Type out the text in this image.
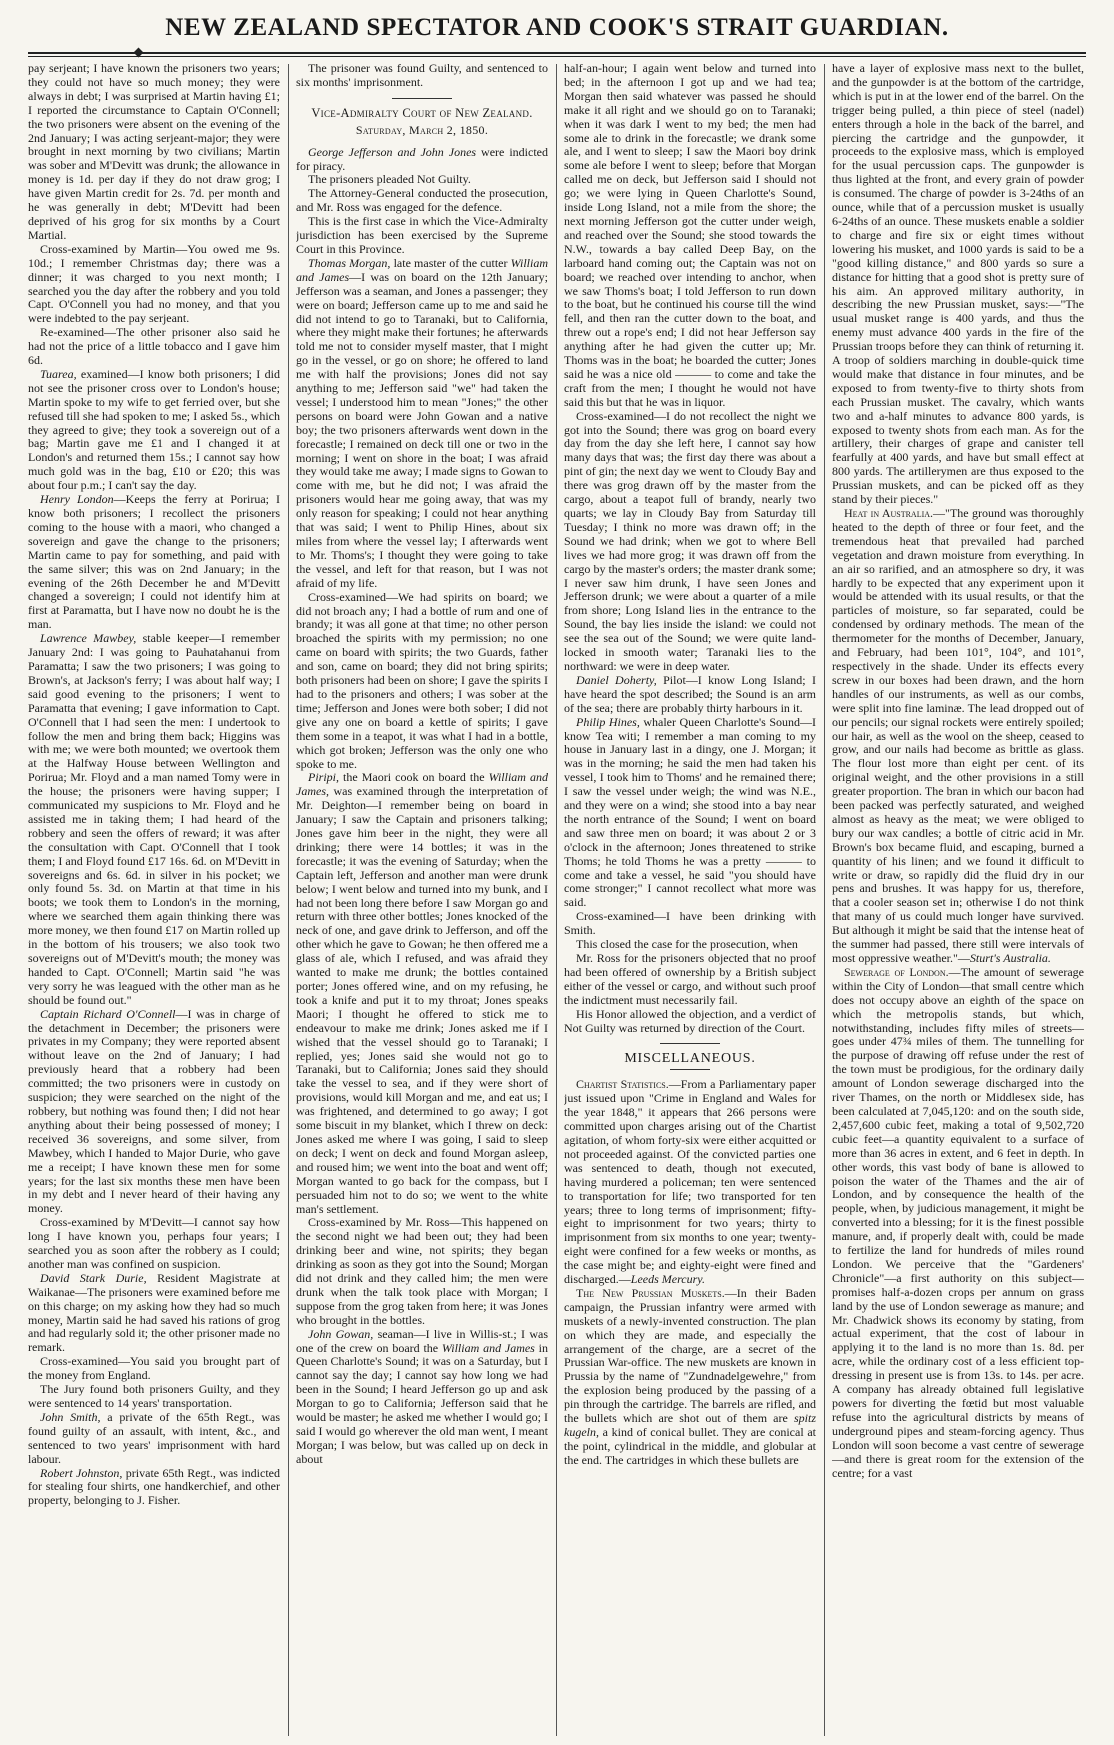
NEW ZEALAND SPECTATOR AND COOK'S STRAIT GUARDIAN.

pay serjeant; I have known the prisoners two years; they could not have so much money; they were always in debt; I was surprised at Martin having £1; I reported the circumstance to Captain O'Connell; the two prisoners were absent on the evening of the 2nd January; I was acting serjeant-major; they were brought in next morning by two civilians; Martin was sober and M'Devitt was drunk; the allowance in money is 1d. per day if they do not draw grog; I have given Martin credit for 2s. 7d. per month and he was generally in debt; M'Devitt had been deprived of his grog for six months by a Court Martial.

Cross-examined by Martin—You owed me 9s. 10d.; I remember Christmas day; there was a dinner; it was charged to you next month; I searched you the day after the robbery and you told Capt. O'Connell you had no money, and that you were indebted to the pay serjeant.

Re-examined—The other prisoner also said he had not the price of a little tobacco and I gave him 6d.

Tuarea, examined—I know both prisoners; I did not see the prisoner cross over to London's house; Martin spoke to my wife to get ferried over, but she refused till she had spoken to me; I asked 5s., which they agreed to give; they took a sovereign out of a bag; Martin gave me £1 and I changed it at London's and returned them 15s.; I cannot say how much gold was in the bag, £10 or £20; this was about four p.m.; I can't say the day.

Henry London—Keeps the ferry at Porirua; I know both prisoners; I recollect the prisoners coming to the house with a maori, who changed a sovereign and gave the change to the prisoners; Martin came to pay for something, and paid with the same silver; this was on 2nd January; in the evening of the 26th December he and M'Devitt changed a sovereign; I could not identify him at first at Paramatta, but I have now no doubt he is the man.

Lawrence Mawbey, stable keeper—I remember January 2nd: I was going to Pauhatahanui from Paramatta; I saw the two prisoners; I was going to Brown's, at Jackson's ferry; I was about half way; I said good evening to the prisoners; I went to Paramatta that evening; I gave information to Capt. O'Connell that I had seen the men: I undertook to follow the men and bring them back; Higgins was with me; we were both mounted; we overtook them at the Halfway House between Wellington and Porirua; Mr. Floyd and a man named Tomy were in the house; the prisoners were having supper; I communicated my suspicions to Mr. Floyd and he assisted me in taking them; I had heard of the robbery and seen the offers of reward; it was after the consultation with Capt. O'Connell that I took them; I and Floyd found £17 16s. 6d. on M'Devitt in sovereigns and 6s. 6d. in silver in his pocket; we only found 5s. 3d. on Martin at that time in his boots; we took them to London's in the morning, where we searched them again thinking there was more money, we then found £17 on Martin rolled up in the bottom of his trousers; we also took two sovereigns out of M'Devitt's mouth; the money was handed to Capt. O'Connell; Martin said "he was very sorry he was leagued with the other man as he should be found out."

Captain Richard O'Connell—I was in charge of the detachment in December; the prisoners were privates in my Company; they were reported absent without leave on the 2nd of January; I had previously heard that a robbery had been committed; the two prisoners were in custody on suspicion; they were searched on the night of the robbery, but nothing was found then; I did not hear anything about their being possessed of money; I received 36 sovereigns, and some silver, from Mawbey, which I handed to Major Durie, who gave me a receipt; I have known these men for some years; for the last six months these men have been in my debt and I never heard of their having any money.

Cross-examined by M'Devitt—I cannot say how long I have known you, perhaps four years; I searched you as soon after the robbery as I could; another man was confined on suspicion.

David Stark Durie, Resident Magistrate at Waikanae—The prisoners were examined before me on this charge; on my asking how they had so much money, Martin said he had saved his rations of grog and had regularly sold it; the other prisoner made no remark.

Cross-examined—You said you brought part of the money from England.

The Jury found both prisoners Guilty, and they were sentenced to 14 years' transportation.

John Smith, a private of the 65th Regt., was found guilty of an assault, with intent, &c., and sentenced to two years' imprisonment with hard labour.

Robert Johnston, private 65th Regt., was indicted for stealing four shirts, one handkerchief, and other property, belonging to J. Fisher.

The prisoner was found Guilty, and sentenced to six months' imprisonment.

Vice-Admiralty Court of New Zealand.
Saturday, March 2, 1850.

George Jefferson and John Jones were indicted for piracy.

The prisoners pleaded Not Guilty.

The Attorney-General conducted the prosecution, and Mr. Ross was engaged for the defence.

This is the first case in which the Vice-Admiralty jurisdiction has been exercised by the Supreme Court in this Province.

Thomas Morgan, late master of the cutter William and James—I was on board on the 12th January; Jefferson was a seaman, and Jones a passenger; they were on board; Jefferson came up to me and said he did not intend to go to Taranaki, but to California, where they might make their fortunes; he afterwards told me not to consider myself master, that I might go in the vessel, or go on shore; he offered to land me with half the provisions; Jones did not say anything to me; Jefferson said "we" had taken the vessel; I understood him to mean "Jones;" the other persons on board were John Gowan and a native boy; the two prisoners afterwards went down in the forecastle; I remained on deck till one or two in the morning; I went on shore in the boat; I was afraid they would take me away; I made signs to Gowan to come with me, but he did not; I was afraid the prisoners would hear me going away, that was my only reason for speaking; I could not hear anything that was said; I went to Philip Hines, about six miles from where the vessel lay; I afterwards went to Mr. Thoms's; I thought they were going to take the vessel, and left for that reason, but I was not afraid of my life.

Cross-examined—We had spirits on board; we did not broach any; I had a bottle of rum and one of brandy; it was all gone at that time; no other person broached the spirits with my permission; no one came on board with spirits; the two Guards, father and son, came on board; they did not bring spirits; both prisoners had been on shore; I gave the spirits I had to the prisoners and others; I was sober at the time; Jefferson and Jones were both sober; I did not give any one on board a kettle of spirits; I gave them some in a teapot, it was what I had in a bottle, which got broken; Jefferson was the only one who spoke to me.

Piripi, the Maori cook on board the William and James, was examined through the interpretation of Mr. Deighton—I remember being on board in January; I saw the Captain and prisoners talking; Jones gave him beer in the night, they were all drinking; there were 14 bottles; it was in the forecastle; it was the evening of Saturday; when the Captain left, Jefferson and another man were drunk below; I went below and turned into my bunk, and I had not been long there before I saw Morgan go and return with three other bottles; Jones knocked of the neck of one, and gave drink to Jefferson, and off the other which he gave to Gowan; he then offered me a glass of ale, which I refused, and was afraid they wanted to make me drunk; the bottles contained porter; Jones offered wine, and on my refusing, he took a knife and put it to my throat; Jones speaks Maori; I thought he offered to stick me to endeavour to make me drink; Jones asked me if I wished that the vessel should go to Taranaki; I replied, yes; Jones said she would not go to Taranaki, but to California; Jones said they should take the vessel to sea, and if they were short of provisions, would kill Morgan and me, and eat us; I was frightened, and determined to go away; I got some biscuit in my blanket, which I threw on deck: Jones asked me where I was going, I said to sleep on deck; I went on deck and found Morgan asleep, and roused him; we went into the boat and went off; Morgan wanted to go back for the compass, but I persuaded him not to do so; we went to the white man's settlement.

Cross-examined by Mr. Ross—This happened on the second night we had been out; they had been drinking beer and wine, not spirits; they began drinking as soon as they got into the Sound; Morgan did not drink and they called him; the men were drunk when the talk took place with Morgan; I suppose from the grog taken from here; it was Jones who brought in the bottles.

John Gowan, seaman—I live in Willis-st.; I was one of the crew on board the William and James in Queen Charlotte's Sound; it was on a Saturday, but I cannot say the day; I cannot say how long we had been in the Sound; I heard Jefferson go up and ask Morgan to go to California; Jefferson said that he would be master; he asked me whether I would go; I said I would go wherever the old man went, I meant Morgan; I was below, but was called up on deck in about

half-an-hour; I again went below and turned into bed; in the afternoon I got up and we had tea; Morgan then said whatever was passed he should make it all right and we should go on to Taranaki; when it was dark I went to my bed; the men had some ale to drink in the forecastle; we drank some ale, and I went to sleep; I saw the Maori boy drink some ale before I went to sleep; before that Morgan called me on deck, but Jefferson said I should not go; we were lying in Queen Charlotte's Sound, inside Long Island, not a mile from the shore; the next morning Jefferson got the cutter under weigh, and reached over the Sound; she stood towards the N.W., towards a bay called Deep Bay, on the larboard hand coming out; the Captain was not on board; we reached over intending to anchor, when we saw Thoms's boat; I told Jefferson to run down to the boat, but he continued his course till the wind fell, and then ran the cutter down to the boat, and threw out a rope's end; I did not hear Jefferson say anything after he had given the cutter up; Mr. Thoms was in the boat; he boarded the cutter; Jones said he was a nice old ——— to come and take the craft from the men; I thought he would not have said this but that he was in liquor.

Cross-examined—I do not recollect the night we got into the Sound; there was grog on board every day from the day she left here, I cannot say how many days that was; the first day there was about a pint of gin; the next day we went to Cloudy Bay and there was grog drawn off by the master from the cargo, about a teapot full of brandy, nearly two quarts; we lay in Cloudy Bay from Saturday till Tuesday; I think no more was drawn off; in the Sound we had drink; when we got to where Bell lives we had more grog; it was drawn off from the cargo by the master's orders; the master drank some; I never saw him drunk, I have seen Jones and Jefferson drunk; we were about a quarter of a mile from shore; Long Island lies in the entrance to the Sound, the bay lies inside the island: we could not see the sea out of the Sound; we were quite land-locked in smooth water; Taranaki lies to the northward: we were in deep water.

Daniel Doherty, Pilot—I know Long Island; I have heard the spot described; the Sound is an arm of the sea; there are probably thirty harbours in it.

Philip Hines, whaler Queen Charlotte's Sound—I know Tea witi; I remember a man coming to my house in January last in a dingy, one J. Morgan; it was in the morning; he said the men had taken his vessel, I took him to Thoms' and he remained there; I saw the vessel under weigh; the wind was N.E., and they were on a wind; she stood into a bay near the north entrance of the Sound; I went on board and saw three men on board; it was about 2 or 3 o'clock in the afternoon; Jones threatened to strike Thoms; he told Thoms he was a pretty ——— to come and take a vessel, he said "you should have come stronger;" I cannot recollect what more was said.

Cross-examined—I have been drinking with Smith.

This closed the case for the prosecution, when

Mr. Ross for the prisoners objected that no proof had been offered of ownership by a British subject either of the vessel or cargo, and without such proof the indictment must necessarily fail.

His Honor allowed the objection, and a verdict of Not Guilty was returned by direction of the Court.

MISCELLANEOUS.

Chartist Statistics.—From a Parliamentary paper just issued upon "Crime in England and Wales for the year 1848," it appears that 266 persons were committed upon charges arising out of the Chartist agitation, of whom forty-six were either acquitted or not proceeded against. Of the convicted parties one was sentenced to death, though not executed, having murdered a policeman; ten were sentenced to transportation for life; two transported for ten years; three to long terms of imprisonment; fifty-eight to imprisonment for two years; thirty to imprisonment from six months to one year; twenty-eight were confined for a few weeks or months, as the case might be; and eighty-eight were fined and discharged.—Leeds Mercury.

The New Prussian Muskets.—In their Baden campaign, the Prussian infantry were armed with muskets of a newly-invented construction. The plan on which they are made, and especially the arrangement of the charge, are a secret of the Prussian War-office. The new muskets are known in Prussia by the name of "Zundnadelgewehre," from the explosion being produced by the passing of a pin through the cartridge. The barrels are rifled, and the bullets which are shot out of them are spitz kugeln, a kind of conical bullet. They are conical at the point, cylindrical in the middle, and globular at the end. The cartridges in which these bullets are

have a layer of explosive mass next to the bullet, and the gunpowder is at the bottom of the cartridge, which is put in at the lower end of the barrel. On the trigger being pulled, a thin piece of steel (nadel) enters through a hole in the back of the barrel, and piercing the cartridge and the gunpowder, it proceeds to the explosive mass, which is employed for the usual percussion caps. The gunpowder is thus lighted at the front, and every grain of powder is consumed. The charge of powder is 3-24ths of an ounce, while that of a percussion musket is usually 6-24ths of an ounce. These muskets enable a soldier to charge and fire six or eight times without lowering his musket, and 1000 yards is said to be a "good killing distance," and 800 yards so sure a distance for hitting that a good shot is pretty sure of his aim. An approved military authority, in describing the new Prussian musket, says:—"The usual musket range is 400 yards, and thus the enemy must advance 400 yards in the fire of the Prussian troops before they can think of returning it. A troop of soldiers marching in double-quick time would make that distance in four minutes, and be exposed to from twenty-five to thirty shots from each Prussian musket. The cavalry, which wants two and a-half minutes to advance 800 yards, is exposed to twenty shots from each man. As for the artillery, their charges of grape and canister tell fearfully at 400 yards, and have but small effect at 800 yards. The artillerymen are thus exposed to the Prussian muskets, and can be picked off as they stand by their pieces."

Heat in Australia.—"The ground was thoroughly heated to the depth of three or four feet, and the tremendous heat that prevailed had parched vegetation and drawn moisture from everything. In an air so rarified, and an atmosphere so dry, it was hardly to be expected that any experiment upon it would be attended with its usual results, or that the particles of moisture, so far separated, could be condensed by ordinary methods. The mean of the thermometer for the months of December, January, and February, had been 101°, 104°, and 101°, respectively in the shade. Under its effects every screw in our boxes had been drawn, and the horn handles of our instruments, as well as our combs, were split into fine laminæ. The lead dropped out of our pencils; our signal rockets were entirely spoiled; our hair, as well as the wool on the sheep, ceased to grow, and our nails had become as brittle as glass. The flour lost more than eight per cent. of its original weight, and the other provisions in a still greater proportion. The bran in which our bacon had been packed was perfectly saturated, and weighed almost as heavy as the meat; we were obliged to bury our wax candles; a bottle of citric acid in Mr. Brown's box became fluid, and escaping, burned a quantity of his linen; and we found it difficult to write or draw, so rapidly did the fluid dry in our pens and brushes. It was happy for us, therefore, that a cooler season set in; otherwise I do not think that many of us could much longer have survived. But although it might be said that the intense heat of the summer had passed, there still were intervals of most oppressive weather."—Sturt's Australia.

Sewerage of London.—The amount of sewerage within the City of London—that small centre which does not occupy above an eighth of the space on which the metropolis stands, but which, notwithstanding, includes fifty miles of streets—goes under 47¾ miles of them. The tunnelling for the purpose of drawing off refuse under the rest of the town must be prodigious, for the ordinary daily amount of London sewerage discharged into the river Thames, on the north or Middlesex side, has been calculated at 7,045,120: and on the south side, 2,457,600 cubic feet, making a total of 9,502,720 cubic feet—a quantity equivalent to a surface of more than 36 acres in extent, and 6 feet in depth. In other words, this vast body of bane is allowed to poison the water of the Thames and the air of London, and by consequence the health of the people, when, by judicious management, it might be converted into a blessing; for it is the finest possible manure, and, if properly dealt with, could be made to fertilize the land for hundreds of miles round London. We perceive that the "Gardeners' Chronicle"—a first authority on this subject—promises half-a-dozen crops per annum on grass land by the use of London sewerage as manure; and Mr. Chadwick shows its economy by stating, from actual experiment, that the cost of labour in applying it to the land is no more than 1s. 8d. per acre, while the ordinary cost of a less efficient top-dressing in present use is from 13s. to 14s. per acre. A company has already obtained full legislative powers for diverting the fœtid but most valuable refuse into the agricultural districts by means of underground pipes and steam-forcing agency. Thus London will soon become a vast centre of sewerage—and there is great room for the extension of the centre; for a vast
